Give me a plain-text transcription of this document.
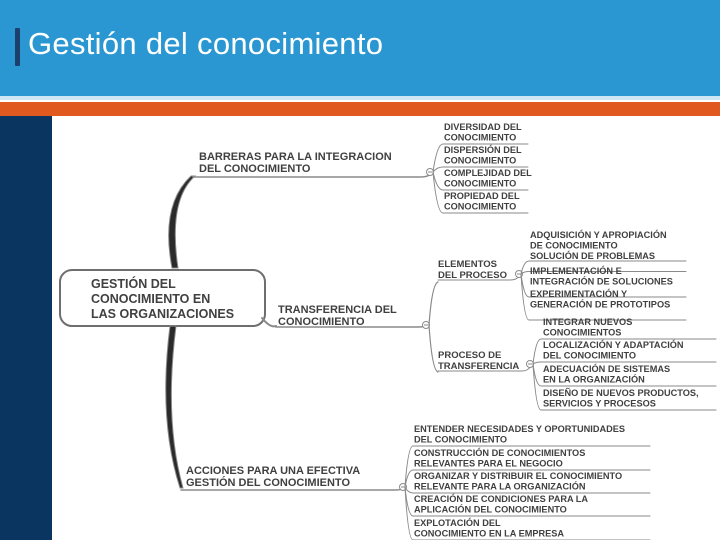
Gestión del conocimiento
GESTIÓN DEL CONOCIMIENTO EN LAS ORGANIZACIONES
BARRERAS PARA LA INTEGRACION DEL CONOCIMIENTO
DIVERSIDAD DEL CONOCIMIENTO
DISPERSIÓN DEL CONOCIMIENTO
COMPLEJIDAD DEL CONOCIMIENTO
PROPIEDAD DEL CONOCIMIENTO
TRANSFERENCIA DEL CONOCIMIENTO
ELEMENTOS DEL PROCESO
ADQUISICIÓN Y APROPIACIÓN DE CONOCIMIENTO
SOLUCIÓN DE PROBLEMAS
IMPLEMENTACIÓN E INTEGRACIÓN DE SOLUCIONES
EXPERIMENTACIÓN Y GENERACIÓN DE PROTOTIPOS
PROCESO DE TRANSFERENCIA
INTEGRAR NUEVOS CONOCIMIENTOS
LOCALIZACIÓN Y ADAPTACIÓN DEL CONOCIMIENTO
ADECUACIÓN DE SISTEMAS EN LA ORGANIZACIÓN
DISEÑO DE NUEVOS PRODUCTOS, SERVICIOS Y PROCESOS
ACCIONES PARA UNA EFECTIVA GESTIÓN DEL CONOCIMIENTO
ENTENDER NECESIDADES Y OPORTUNIDADES DEL CONOCIMIENTO
CONSTRUCCIÓN DE CONOCIMIENTOS RELEVANTES PARA EL NEGOCIO
ORGANIZAR Y DISTRIBUIR EL CONOCIMIENTO RELEVANTE PARA LA ORGANIZACIÓN
CREACIÓN DE CONDICIONES PARA LA APLICACIÓN DEL CONOCIMIENTO
EXPLOTACIÓN DEL CONOCIMIENTO EN LA EMPRESA
